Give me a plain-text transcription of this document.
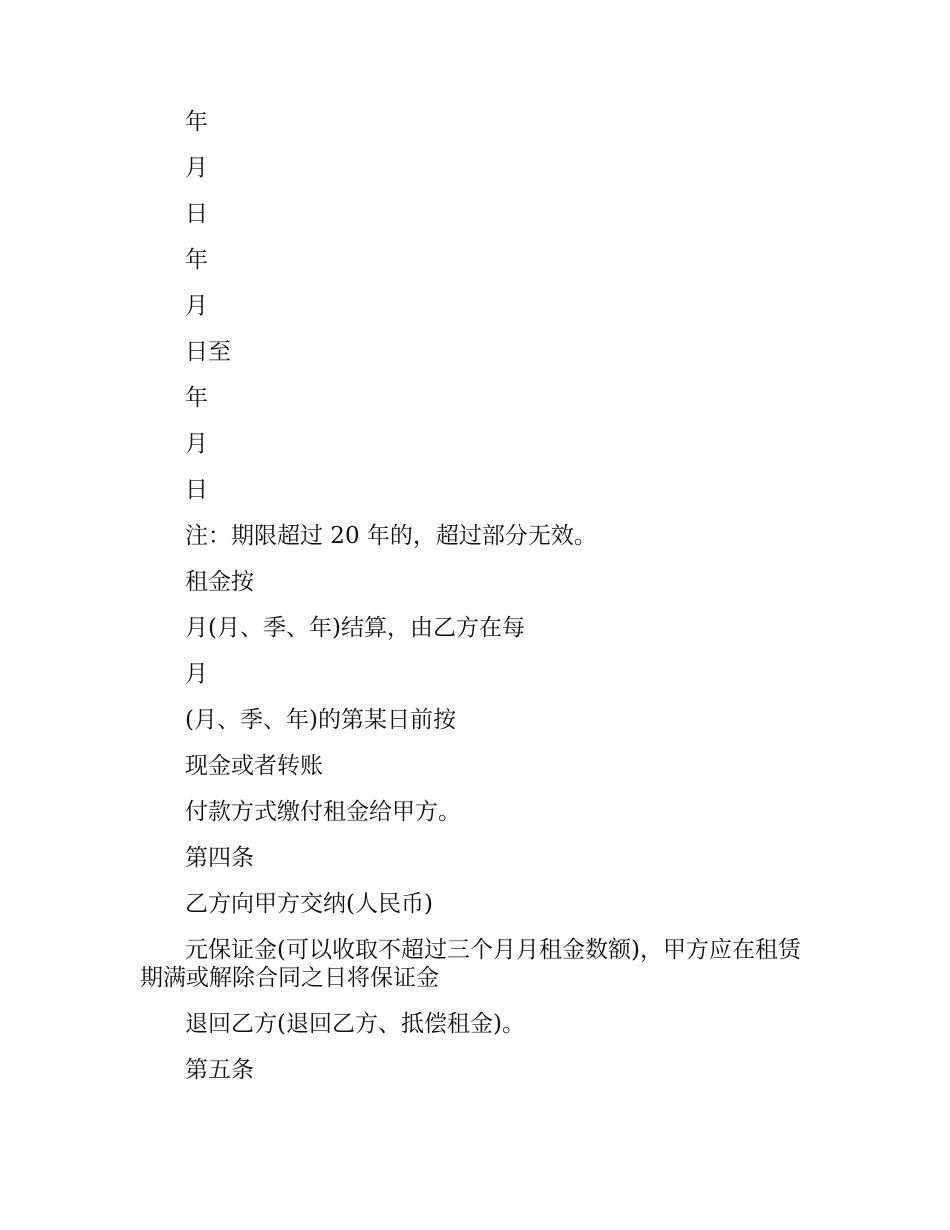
年

月

日

年

月

日至

年

月

日

注：期限超过 20 年的，超过部分无效。

租金按

月(月、季、年)结算，由乙方在每

月

(月、季、年)的第某日前按

现金或者转账

付款方式缴付租金给甲方。

第四条

乙方向甲方交纳(人民币)

元保证金(可以收取不超过三个月月租金数额)，甲方应在租赁期满或解除合同之日将保证金

退回乙方(退回乙方、抵偿租金)。

第五条
